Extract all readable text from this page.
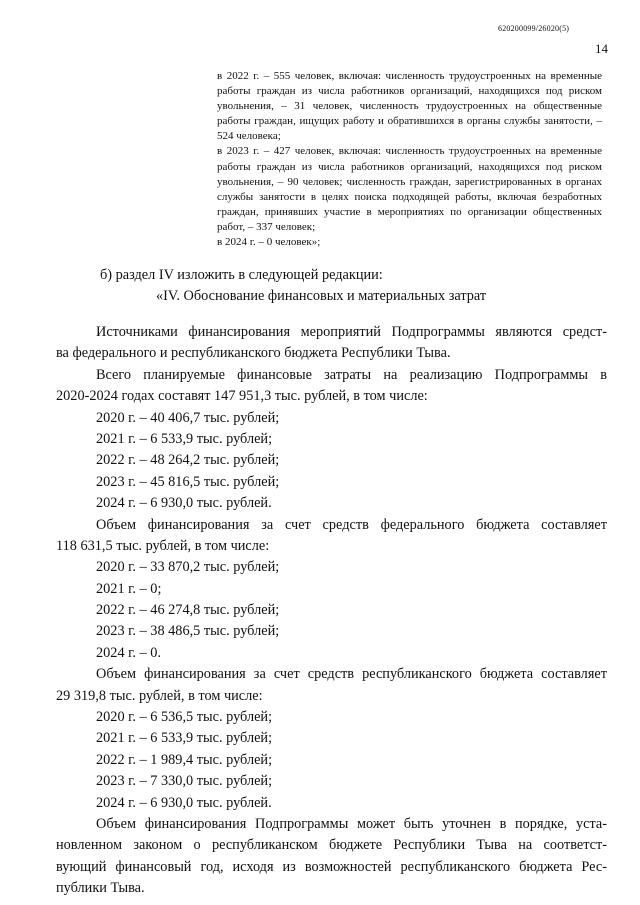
620200099/26020(5)
14

в 2022 г. – 555 человек, включая: численность трудоустроенных на временные работы граждан из числа работников организаций, находящихся под риском увольнения, – 31 человек, численность трудоустроенных на общественные работы граждан, ищущих работу и обратившихся в органы службы занятости, – 524 человека;

в 2023 г. – 427 человек, включая: численность трудоустроенных на временные работы граждан из числа работников организаций, находящихся под риском увольнения, – 90 человек; численность граждан, зарегистрированных в органах службы занятости в целях поиска подходящей работы, включая безработных граждан, принявших участие в мероприятиях по организации общественных работ, – 337 человек;

в 2024 г. – 0 человек»;

б) раздел IV изложить в следующей редакции:
«IV. Обоснование финансовых и материальных затрат
Источниками финансирования мероприятий Подпрограммы являются средст-
ва федерального и республиканского бюджета Республики Тыва.
Всего планируемые финансовые затраты на реализацию Подпрограммы в
2020-2024 годах составят 147 951,3 тыс. рублей, в том числе:
2020 г. – 40 406,7 тыс. рублей;
2021 г. – 6 533,9 тыс. рублей;
2022 г. – 48 264,2 тыс. рублей;
2023 г. – 45 816,5 тыс. рублей;
2024 г. – 6 930,0 тыс. рублей.
Объем финансирования за счет средств федерального бюджета составляет
118 631,5 тыс. рублей, в том числе:
2020 г. – 33 870,2 тыс. рублей;
2021 г. – 0;
2022 г. – 46 274,8 тыс. рублей;
2023 г. – 38 486,5 тыс. рублей;
2024 г. – 0.
Объем финансирования за счет средств республиканского бюджета составляет
29 319,8 тыс. рублей, в том числе:
2020 г. – 6 536,5 тыс. рублей;
2021 г. – 6 533,9 тыс. рублей;
2022 г. – 1 989,4 тыс. рублей;
2023 г. – 7 330,0 тыс. рублей;
2024 г. – 6 930,0 тыс. рублей.
Объем финансирования Подпрограммы может быть уточнен в порядке, уста-
новленном законом о республиканском бюджете Республики Тыва на соответст-
вующий финансовый год, исходя из возможностей республиканского бюджета Рес-
публики Тыва.
